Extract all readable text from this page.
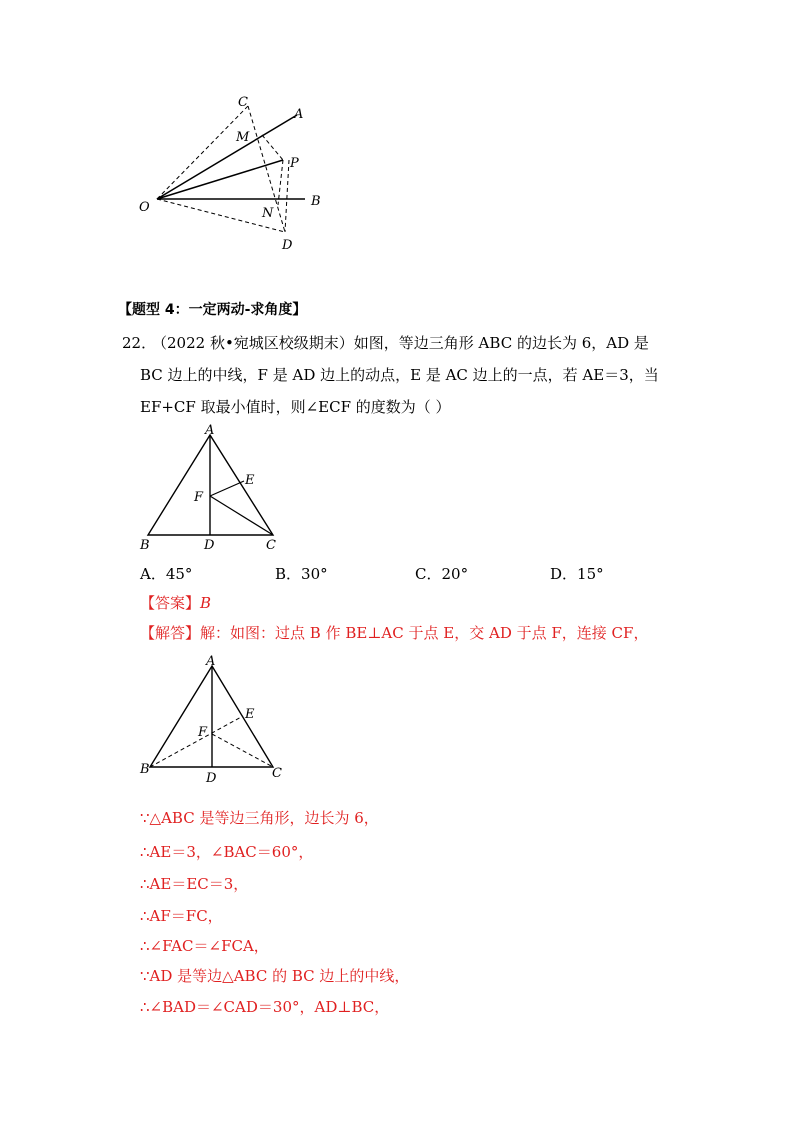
C
A
M
P
O	N
B
D
【题型 4：一定两动-求角度】
22．
（2022 秋•宛城区校级期末）如图，等边三角形 ABC 的边长为 6，AD 是
BC 边上的中线，F 是 AD 边上的动点，E 是 AC 边上的一点，若 AE＝3，当
EF+CF 取最小值时，则∠ECF 的度数为（ ）
A
E
F
B	D	C
A．45°	B．30°	C．20°	D．15°
【答案】B
【解答】解：如图：过点 B 作 BE⊥AC 于点 E，交 AD 于点 F，连接 CF，
A
E
F
B
D	C
∵△ABC 是等边三角形，边长为 6，
∴AE＝3，∠BAC＝60°，
∴AE＝EC＝3，
∴AF＝FC，
∴∠FAC＝∠FCA，
∵AD 是等边△ABC 的 BC 边上的中线，
∴∠BAD＝∠CAD＝30°，AD⊥BC，
